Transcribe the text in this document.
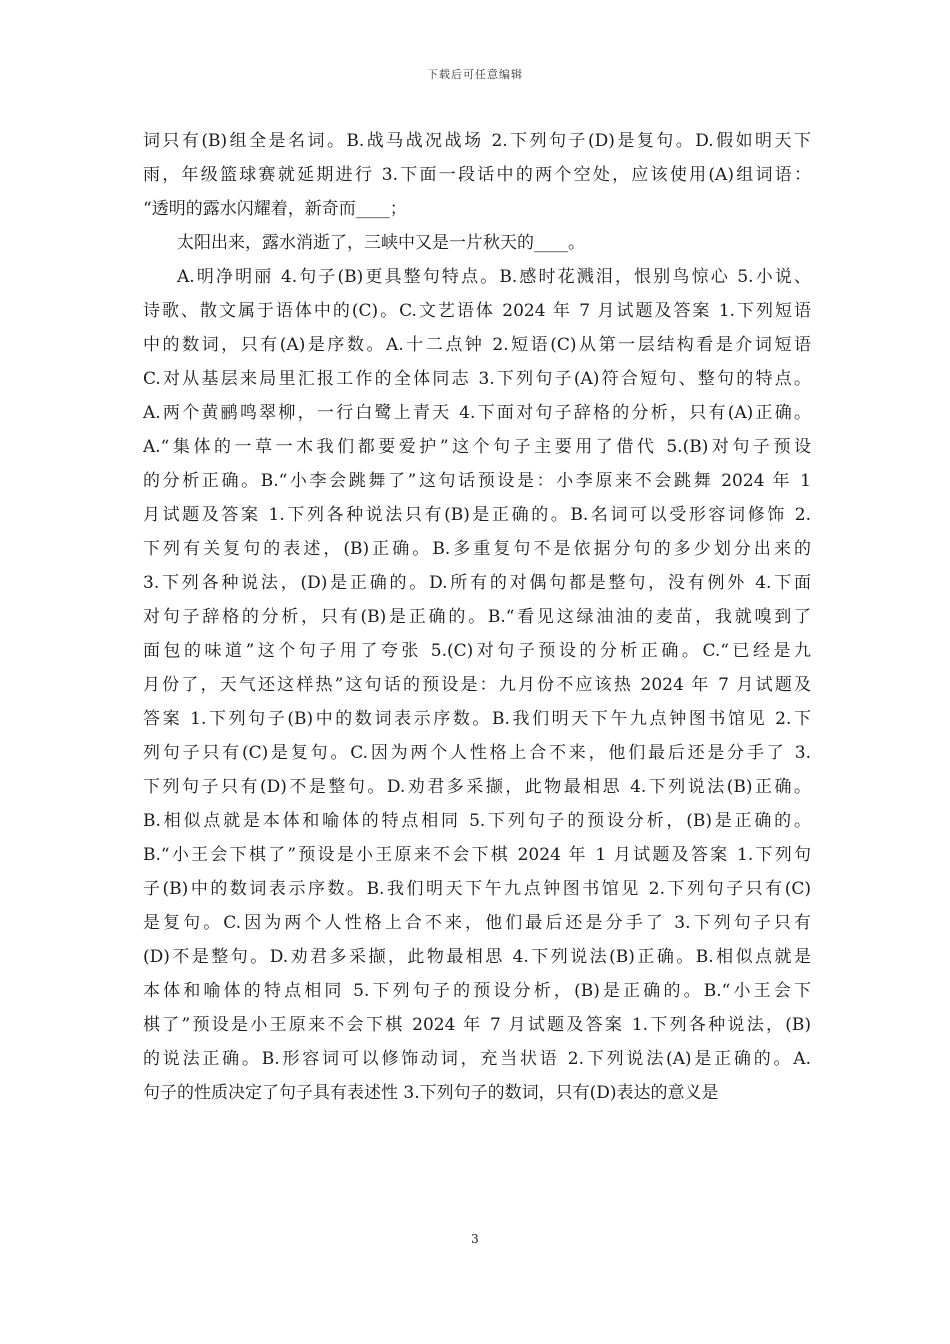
下载后可任意编辑
词只有(B)组全是名词。B.战马战况战场 2.下列句子(D)是复句。D.假如明天下
雨，年级篮球赛就延期进行 3.下面一段话中的两个空处，应该使用(A)组词语：
“透明的露水闪耀着，新奇而____；
太阳出来，露水消逝了，三峡中又是一片秋天的____。
A.明净明丽 4.句子(B)更具整句特点。B.感时花溅泪，恨别鸟惊心 5.小说、
诗歌、散文属于语体中的(C)。C.文艺语体 2024 年 7 月试题及答案 1.下列短语
中的数词，只有(A)是序数。A.十二点钟 2.短语(C)从第一层结构看是介词短语
C.对从基层来局里汇报工作的全体同志 3.下列句子(A)符合短句、整句的特点。
A.两个黄鹂鸣翠柳，一行白鹭上青天 4.下面对句子辞格的分析，只有(A)正确。
A.“集体的一草一木我们都要爱护”这个句子主要用了借代 5.(B)对句子预设
的分析正确。B.“小李会跳舞了”这句话预设是：小李原来不会跳舞 2024 年 1
月试题及答案 1.下列各种说法只有(B)是正确的。B.名词可以受形容词修饰 2.
下列有关复句的表述，(B)正确。B.多重复句不是依据分句的多少划分出来的
3.下列各种说法，(D)是正确的。D.所有的对偶句都是整句，没有例外 4.下面
对句子辞格的分析，只有(B)是正确的。B.“看见这绿油油的麦苗，我就嗅到了
面包的味道”这个句子用了夸张 5.(C)对句子预设的分析正确。C.“已经是九
月份了，天气还这样热”这句话的预设是：九月份不应该热 2024 年 7 月试题及
答案 1.下列句子(B)中的数词表示序数。B.我们明天下午九点钟图书馆见 2.下
列句子只有(C)是复句。C.因为两个人性格上合不来，他们最后还是分手了 3.
下列句子只有(D)不是整句。D.劝君多采撷，此物最相思 4.下列说法(B)正确。
B.相似点就是本体和喻体的特点相同 5.下列句子的预设分析，(B)是正确的。
B.“小王会下棋了”预设是小王原来不会下棋 2024 年 1 月试题及答案 1.下列句
子(B)中的数词表示序数。B.我们明天下午九点钟图书馆见 2.下列句子只有(C)
是复句。C.因为两个人性格上合不来，他们最后还是分手了 3.下列句子只有
(D)不是整句。D.劝君多采撷，此物最相思 4.下列说法(B)正确。B.相似点就是
本体和喻体的特点相同 5.下列句子的预设分析，(B)是正确的。B.“小王会下
棋了”预设是小王原来不会下棋 2024 年 7 月试题及答案 1.下列各种说法，(B)
的说法正确。B.形容词可以修饰动词，充当状语 2.下列说法(A)是正确的。A.
句子的性质决定了句子具有表述性 3.下列句子的数词，只有(D)表达的意义是
3
